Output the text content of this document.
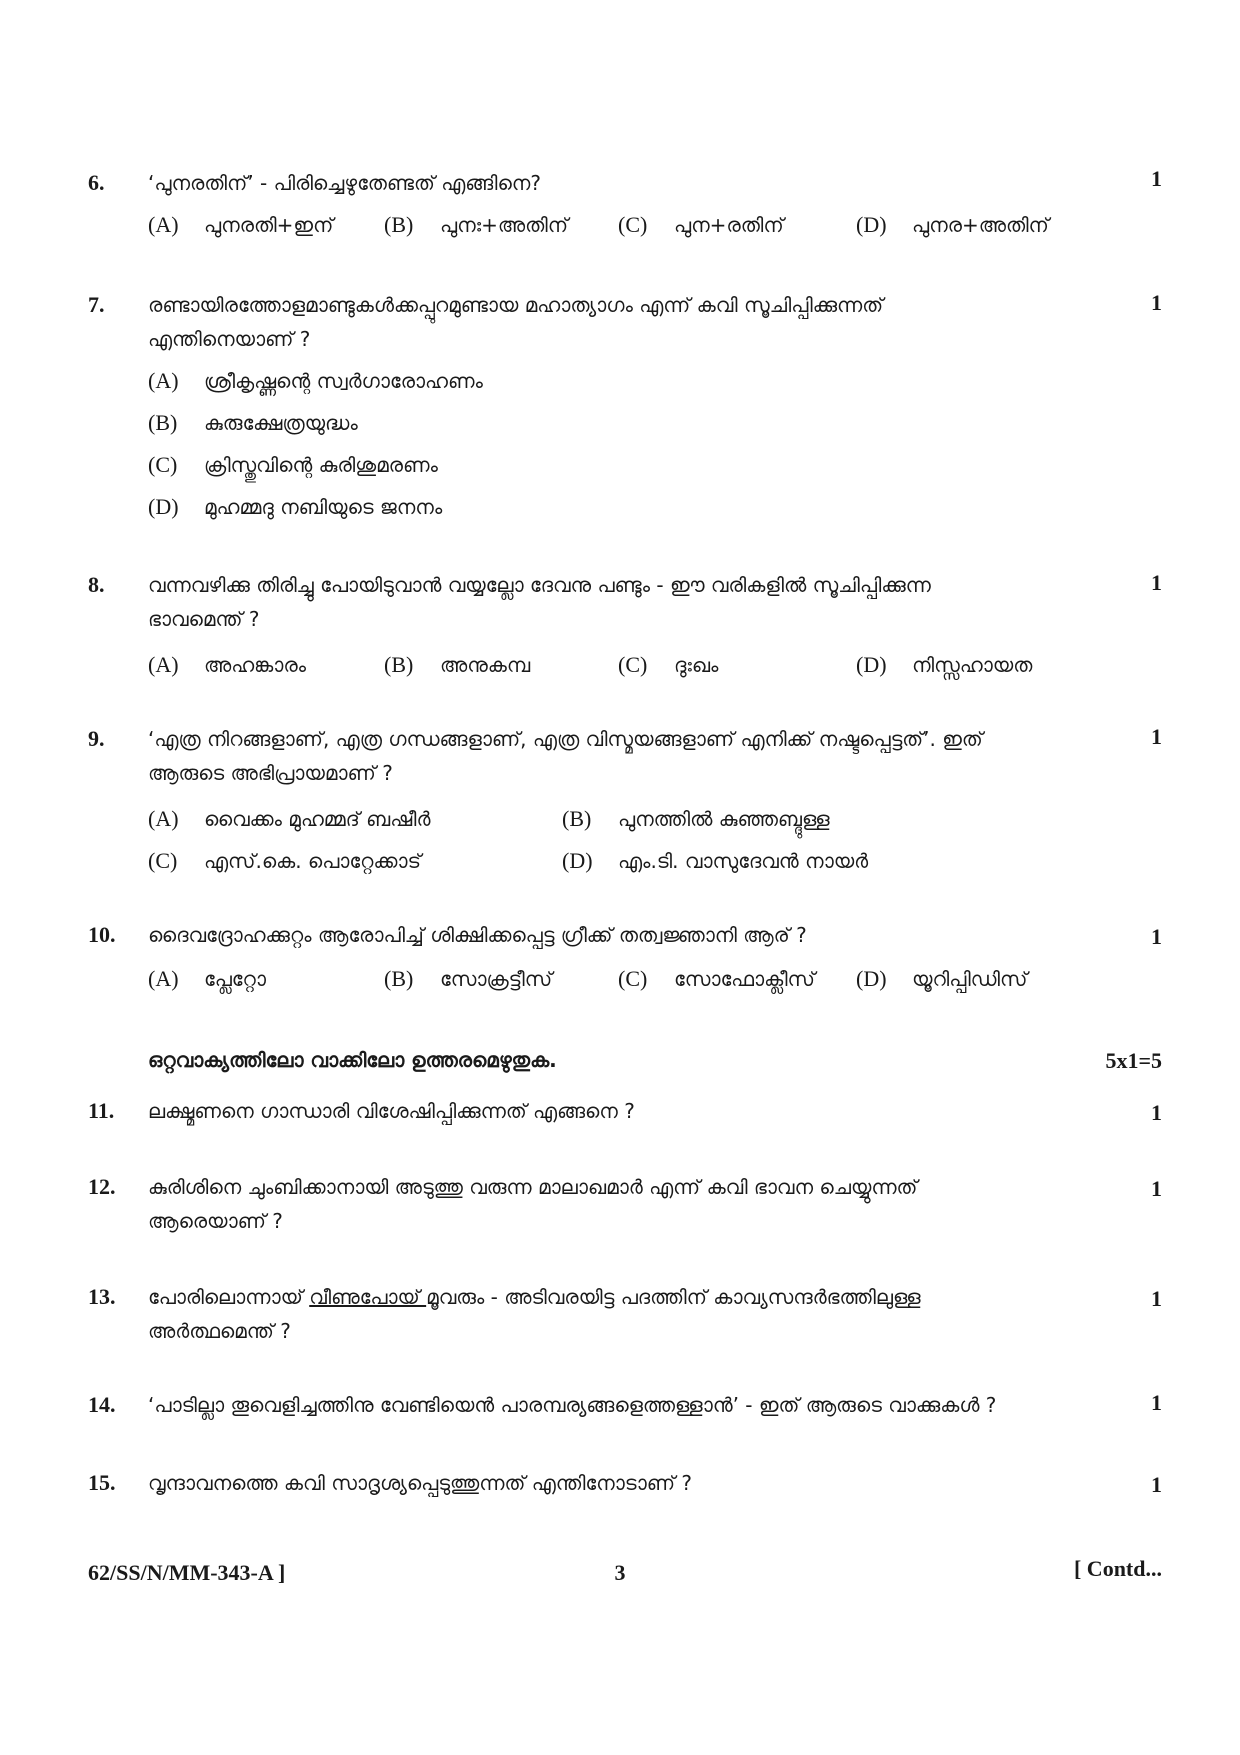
6. ‘പുനരതിന്’ - പിരിച്ചെഴുതേണ്ടത് എങ്ങിനെ?	1
(A) പുനരതി+ഇന് (B) പുനഃ+അതിന് (C) പുന+രതിന്	(D) പുനര+അതിന്
7. രണ്ടായിരത്തോളമാണ്ടുകൾക്കപ്പുറമുണ്ടായ മഹാത്യാഗം എന്ന് കവി സൂചിപ്പിക്കുന്നത്
എന്തിനെയാണ് ?
1
(A) ശ്രീകൃഷ്ണന്റെ സ്വർഗാരോഹണം
(B) കുരുക്ഷേത്രയുദ്ധം
(C) ക്രിസ്തുവിന്റെ കുരിശുമരണം
(D) മുഹമ്മദു നബിയുടെ ജനനം
8. വന്നവഴിക്കു തിരിച്ചു പോയിടുവാൻ വയ്യല്ലോ ദേവനു പണ്ടും - ഈ വരികളിൽ സൂചിപ്പിക്കുന്ന
ഭാവമെന്ത് ?
1
(A) അഹങ്കാരം	(B) അനുകമ്പ	(C) ദുഃഖം	(D) നിസ്സഹായത
9. ‘എത്ര നിറങ്ങളാണ്, എത്ര ഗന്ധങ്ങളാണ്, എത്ര വിസ്മയങ്ങളാണ് എനിക്ക് നഷ്ടപ്പെട്ടത്’. ഇത്
ആരുടെ അഭിപ്രായമാണ് ?
1
(A) വൈക്കം മുഹമ്മദ് ബഷീർ	(B) പുനത്തിൽ കുഞ്ഞബ്ദുള്ള
(C) എസ്.കെ. പൊറ്റേക്കാട്	(D) എം.ടി. വാസുദേവൻ നായർ
10. ദൈവദ്രോഹക്കുറ്റം ആരോപിച്ച് ശിക്ഷിക്കപ്പെട്ട ഗ്രീക്ക് തത്വജ്ഞാനി ആര് ?	1
(A) പ്ലേറ്റോ	(B) സോക്രട്ടീസ്	(C) സോഫോക്ലീസ് (D) യൂറിപ്പിഡിസ്
ഒറ്റവാക്യത്തിലോ വാക്കിലോ ഉത്തരമെഴുതുക.	5x1=5
11. ലക്ഷ്മണനെ ഗാന്ധാരി വിശേഷിപ്പിക്കുന്നത് എങ്ങനെ ?	1
12. കുരിശിനെ ചുംബിക്കാനായി അടുത്തു വരുന്ന മാലാഖമാർ എന്ന് കവി ഭാവന ചെയ്യുന്നത്
ആരെയാണ് ?
1
13. പോരിലൊന്നായ് വീണുപോയ് മൂവരും - അടിവരയിട്ട പദത്തിന് കാവ്യസന്ദർഭത്തിലുള്ള
അർത്ഥമെന്ത് ?
1
14. ‘പാടില്ലാ തൂവെളിച്ചത്തിനു വേണ്ടിയെൻ പാരമ്പര്യങ്ങളെത്തള്ളാൻ’ - ഇത് ആരുടെ വാക്കുകൾ ?	1
15. വൃന്ദാവനത്തെ കവി സാദൃശ്യപ്പെടുത്തുന്നത് എന്തിനോടാണ് ?	1
62/SS/N/MM-343-A ]	3	[ Contd...
